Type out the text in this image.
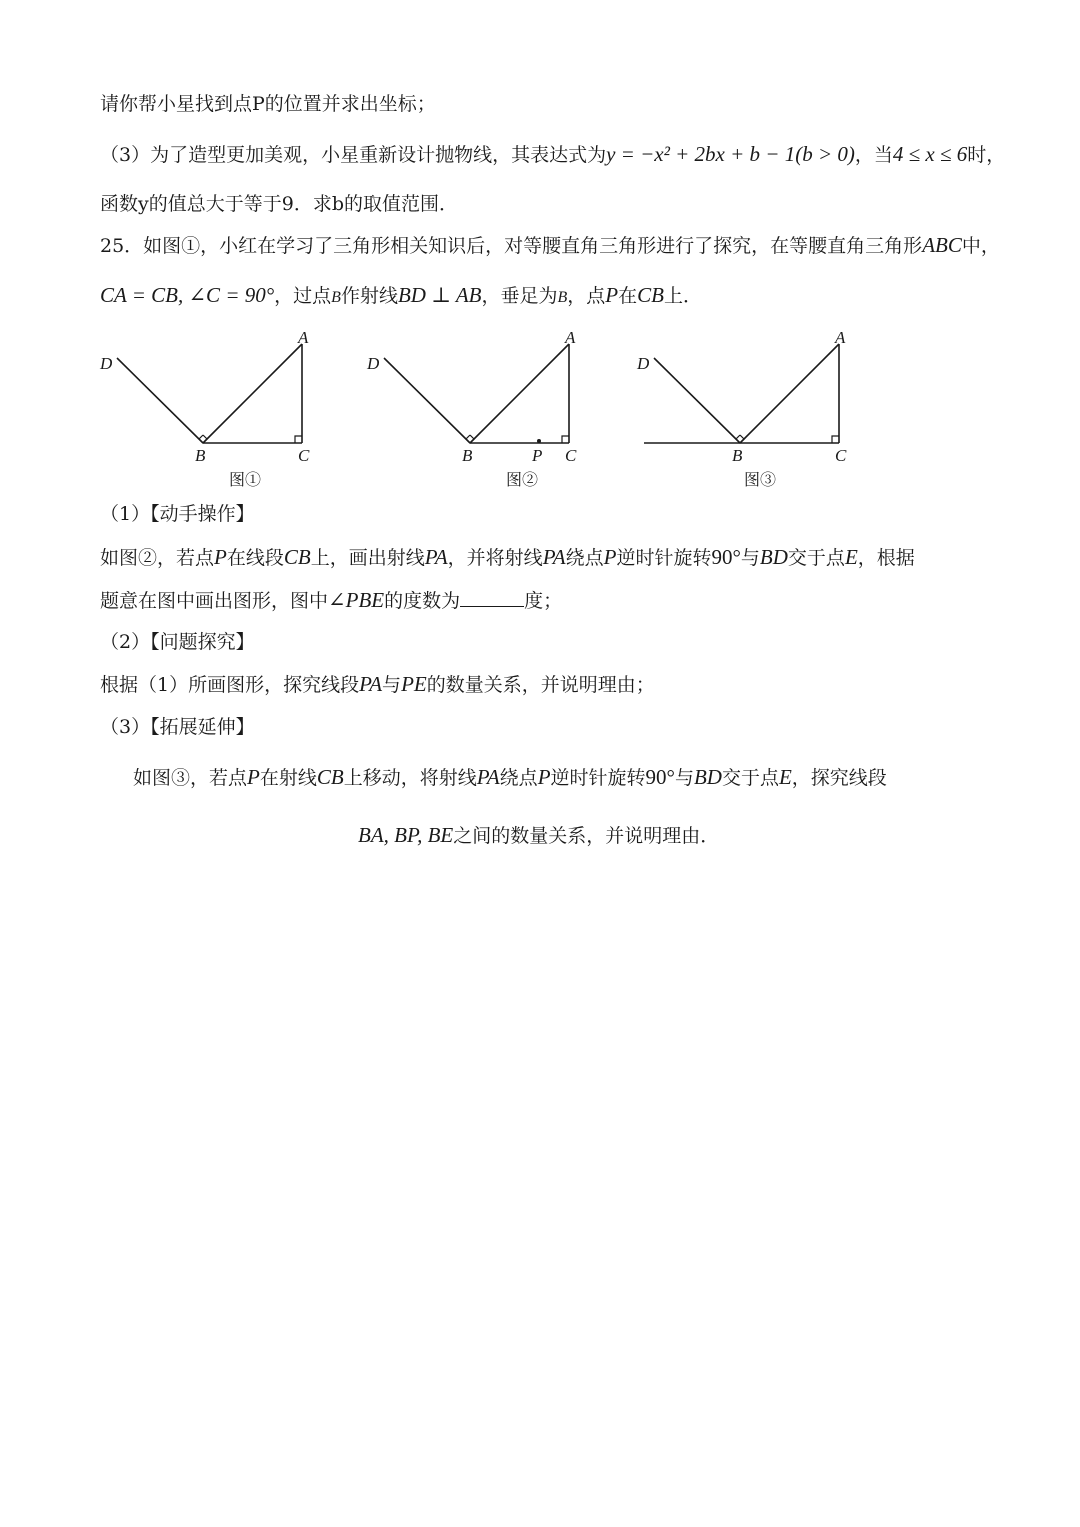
请你帮小星找到点P的位置并求出坐标；
（3）为了造型更加美观，小星重新设计抛物线，其表达式为y = −x² + 2bx + b − 1(b > 0)，当4 ≤ x ≤ 6时，
函数y的值总大于等于9．求b的取值范围．
25．如图①，小红在学习了三角形相关知识后，对等腰直角三角形进行了探究，在等腰直角三角形ABC中，
CA = CB, ∠C = 90°，过点B作射线BD ⊥ AB，垂足为B，点P在CB上．
D
A
B	C
图①
D
A
B	P C
图②
D
A
B	C
图③
（1）【动手操作】
如图②，若点P在线段CB上，画出射线PA，并将射线PA绕点P逆时针旋转90°与BD交于点E，根据
题意在图中画出图形，图中∠PBE的度数为	度；
（2）【问题探究】
根据（1）所画图形，探究线段PA与PE的数量关系，并说明理由；
（3）【拓展延伸】
如图③，若点P在射线CB上移动，将射线PA绕点P逆时针旋转90°与BD交于点E，探究线段
BA, BP, BE之间的数量关系，并说明理由．
